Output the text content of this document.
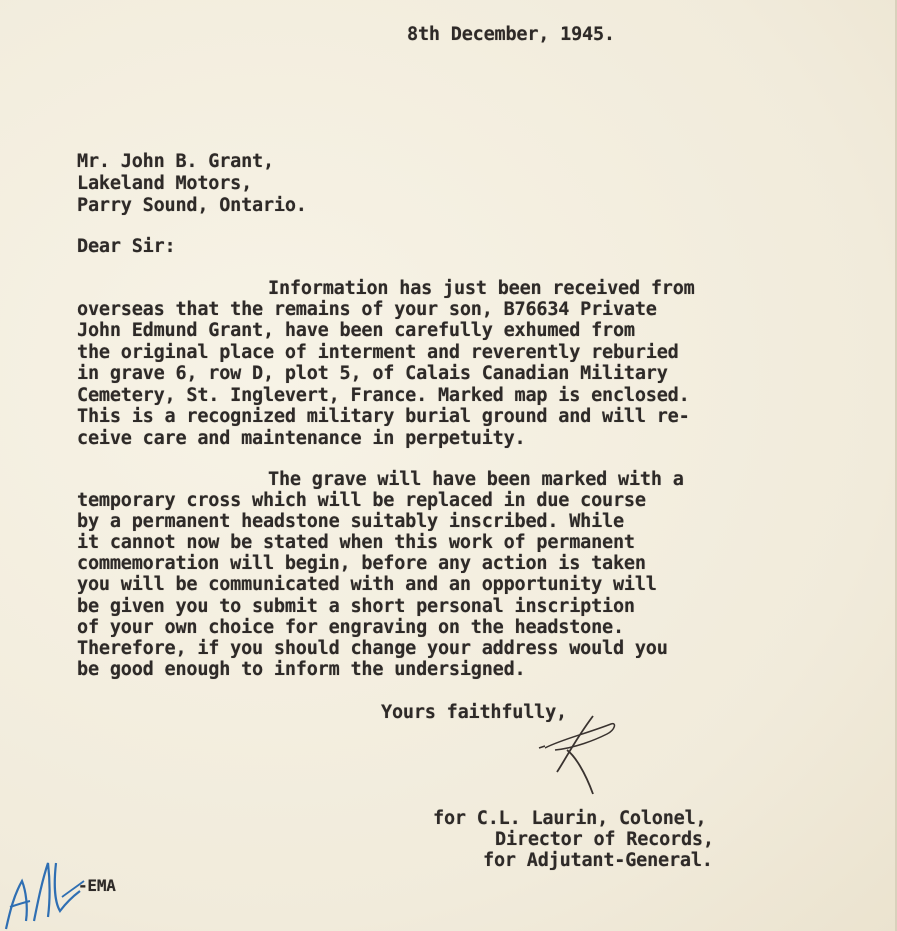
8th December, 1945.
Mr. John B. Grant,
Lakeland Motors,
Parry Sound, Ontario.
Dear Sir:
Information has just been received from
overseas that the remains of your son, B76634 Private
John Edmund Grant, have been carefully exhumed from
the original place of interment and reverently reburied
in grave 6, row D, plot 5, of Calais Canadian Military
Cemetery, St. Inglevert, France. Marked map is enclosed.
This is a recognized military burial ground and will re-
ceive care and maintenance in perpetuity.
The grave will have been marked with a
temporary cross which will be replaced in due course
by a permanent headstone suitably inscribed. While
it cannot now be stated when this work of permanent
commemoration will begin, before any action is taken
you will be communicated with and an opportunity will
be given you to submit a short personal inscription
of your own choice for engraving on the headstone.
Therefore, if you should change your address would you
be good enough to inform the undersigned.
Yours faithfully,
for C.L. Laurin, Colonel,
Director of Records,
for Adjutant-General.
-EMA
